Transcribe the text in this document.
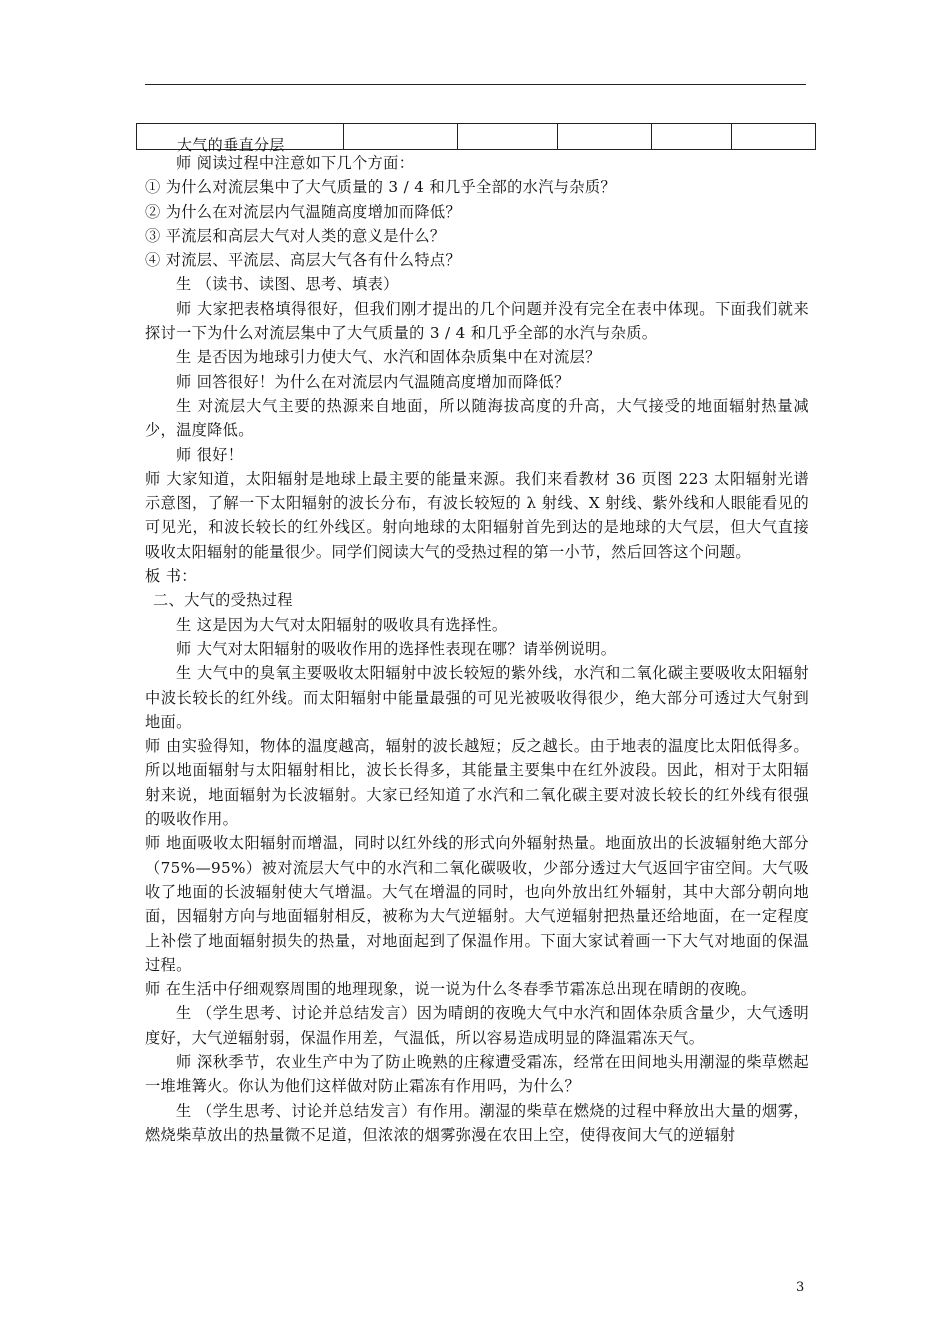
大气的垂直分层

师 阅读过程中注意如下几个方面：

① 为什么对流层集中了大气质量的 3 / 4 和几乎全部的水汽与杂质？

② 为什么在对流层内气温随高度增加而降低？

③ 平流层和高层大气对人类的意义是什么？

④ 对流层、平流层、高层大气各有什么特点？

生 （读书、读图、思考、填表）

师 大家把表格填得很好，但我们刚才提出的几个问题并没有完全在表中体现。下面我们就来探讨一下为什么对流层集中了大气质量的 3 / 4 和几乎全部的水汽与杂质。

生 是否因为地球引力使大气、水汽和固体杂质集中在对流层？

师 回答很好！为什么在对流层内气温随高度增加而降低？

生 对流层大气主要的热源来自地面，所以随海拔高度的升高，大气接受的地面辐射热量减少，温度降低。

师 很好！

师 大家知道，太阳辐射是地球上最主要的能量来源。我们来看教材 36 页图 223 太阳辐射光谱示意图，了解一下太阳辐射的波长分布，有波长较短的 λ 射线、X 射线、紫外线和人眼能看见的可见光，和波长较长的红外线区。射向地球的太阳辐射首先到达的是地球的大气层，但大气直接吸收太阳辐射的能量很少。同学们阅读大气的受热过程的第一小节，然后回答这个问题。

板 书：

二、大气的受热过程

生 这是因为大气对太阳辐射的吸收具有选择性。

师 大气对太阳辐射的吸收作用的选择性表现在哪？请举例说明。

生 大气中的臭氧主要吸收太阳辐射中波长较短的紫外线，水汽和二氧化碳主要吸收太阳辐射中波长较长的红外线。而太阳辐射中能量最强的可见光被吸收得很少，绝大部分可透过大气射到地面。

师 由实验得知，物体的温度越高，辐射的波长越短；反之越长。由于地表的温度比太阳低得多。所以地面辐射与太阳辐射相比，波长长得多，其能量主要集中在红外波段。因此，相对于太阳辐射来说，地面辐射为长波辐射。大家已经知道了水汽和二氧化碳主要对波长较长的红外线有很强的吸收作用。

师 地面吸收太阳辐射而增温，同时以红外线的形式向外辐射热量。地面放出的长波辐射绝大部分（75%—95%）被对流层大气中的水汽和二氧化碳吸收，少部分透过大气返回宇宙空间。大气吸收了地面的长波辐射使大气增温。大气在增温的同时，也向外放出红外辐射，其中大部分朝向地面，因辐射方向与地面辐射相反，被称为大气逆辐射。大气逆辐射把热量还给地面，在一定程度上补偿了地面辐射损失的热量，对地面起到了保温作用。下面大家试着画一下大气对地面的保温过程。

师 在生活中仔细观察周围的地理现象，说一说为什么冬春季节霜冻总出现在晴朗的夜晚。

生 （学生思考、讨论并总结发言）因为晴朗的夜晚大气中水汽和固体杂质含量少，大气透明度好，大气逆辐射弱，保温作用差，气温低，所以容易造成明显的降温霜冻天气。

师 深秋季节，农业生产中为了防止晚熟的庄稼遭受霜冻，经常在田间地头用潮湿的柴草燃起一堆堆篝火。你认为他们这样做对防止霜冻有作用吗，为什么？

生 （学生思考、讨论并总结发言）有作用。潮湿的柴草在燃烧的过程中释放出大量的烟雾，燃烧柴草放出的热量微不足道，但浓浓的烟雾弥漫在农田上空，使得夜间大气的逆辐射

3
